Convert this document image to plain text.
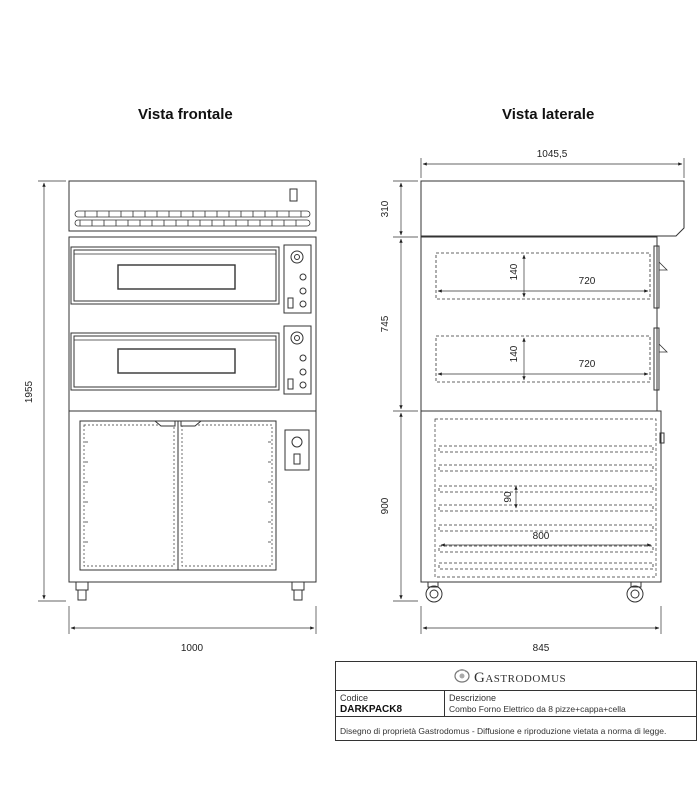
Vista frontale	Vista laterale
1955
1000
1045,5
310
745
900
845
140
720
140
720
90
800
Gastrodomus
Codice
DARKPACK8
Descrizione
Combo Forno Elettrico da 8 pizze+cappa+cella
Disegno di proprietà Gastrodomus - Diffusione e riproduzione vietata a norma di legge.
